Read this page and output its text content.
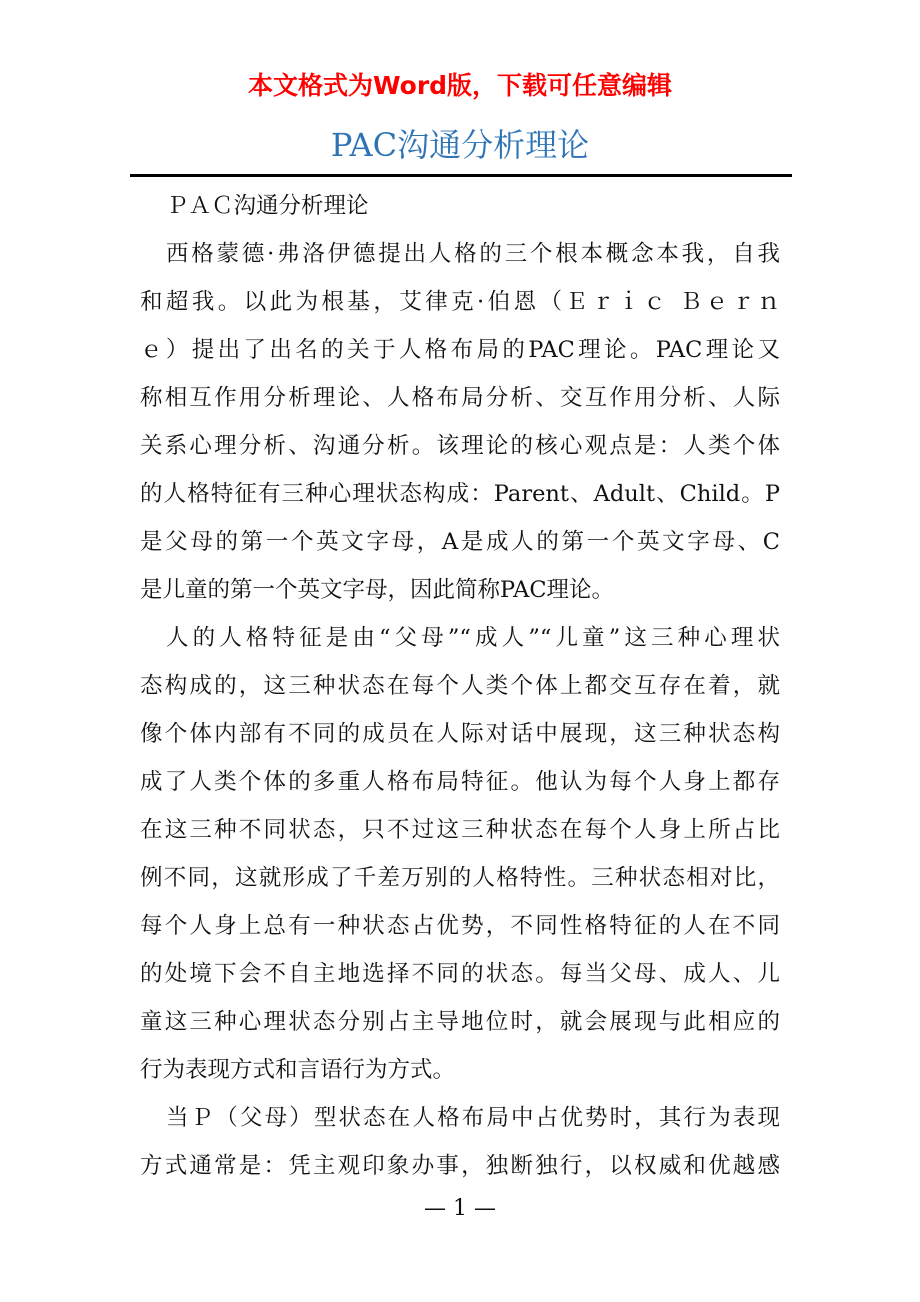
本文格式为Word版，下载可任意编辑
PAC沟通分析理论
ＰＡＣ沟通分析理论
西格蒙德·弗洛伊德提出人格的三个根本概念本我，自我
和超我。以此为根基，艾律克·伯恩（Ｅｒｉｃ Ｂｅｒｎ
ｅ）提出了出名的关于人格布局的PAC理论。PAC理论又
称相互作用分析理论、人格布局分析、交互作用分析、人际
关系心理分析、沟通分析。该理论的核心观点是：人类个体
的人格特征有三种心理状态构成：Parent、Adult、Child。P
是父母的第一个英文字母，A是成人的第一个英文字母、C
是儿童的第一个英文字母，因此简称PAC理论。
人的人格特征是由“父母”“成人”“儿童”这三种心理状
态构成的，这三种状态在每个人类个体上都交互存在着，就
像个体内部有不同的成员在人际对话中展现，这三种状态构
成了人类个体的多重人格布局特征。他认为每个人身上都存
在这三种不同状态，只不过这三种状态在每个人身上所占比
例不同，这就形成了千差万别的人格特性。三种状态相对比，
每个人身上总有一种状态占优势，不同性格特征的人在不同
的处境下会不自主地选择不同的状态。每当父母、成人、儿
童这三种心理状态分别占主导地位时，就会展现与此相应的
行为表现方式和言语行为方式。
当Ｐ（父母）型状态在人格布局中占优势时，其行为表现
方式通常是：凭主观印象办事，独断独行，以权威和优越感
— 1 —
